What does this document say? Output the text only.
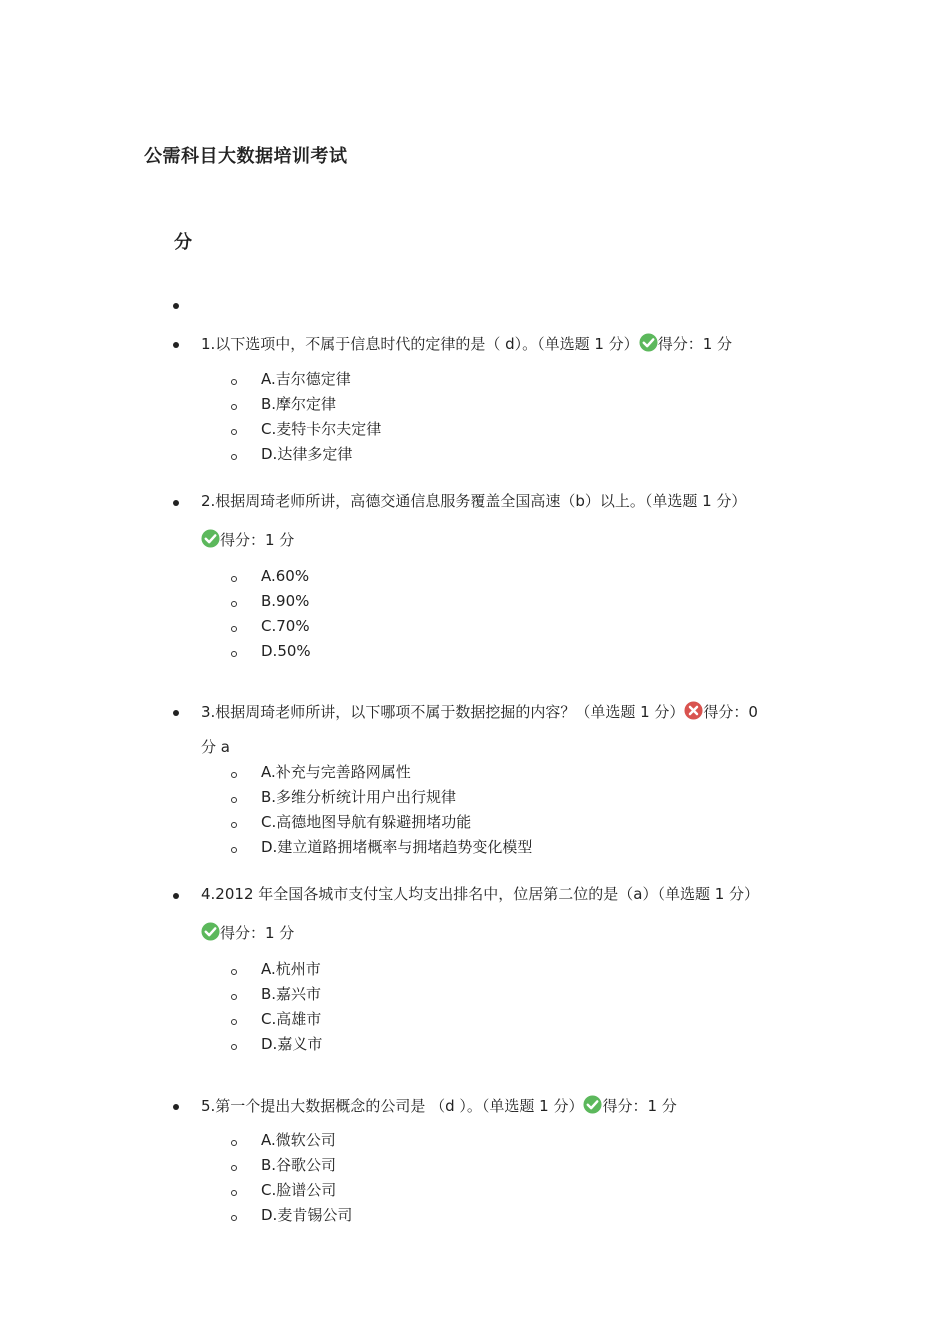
公需科目大数据培训考试
分
1.以下选项中，不属于信息时代的定律的是（ d）。（单选题 1 分） 得分：1 分
A.吉尔德定律
B.摩尔定律
C.麦特卡尔夫定律
D.达律多定律
2.根据周琦老师所讲，高德交通信息服务覆盖全国高速（b）以上。（单选题 1 分）
得分：1 分
A.60%
B.90%
C.70%
D.50%
3.根据周琦老师所讲，以下哪项不属于数据挖掘的内容？（单选题 1 分） 得分：0
分 a
A.补充与完善路网属性
B.多维分析统计用户出行规律
C.高德地图导航有躲避拥堵功能
D.建立道路拥堵概率与拥堵趋势变化模型
4.2012 年全国各城市支付宝人均支出排名中，位居第二位的是（a）（单选题 1 分）
得分：1 分
A.杭州市
B.嘉兴市
C.高雄市
D.嘉义市
5.第一个提出大数据概念的公司是 （d ）。（单选题 1 分） 得分：1 分
A.微软公司
B.谷歌公司
C.脸谱公司
D.麦肯锡公司
